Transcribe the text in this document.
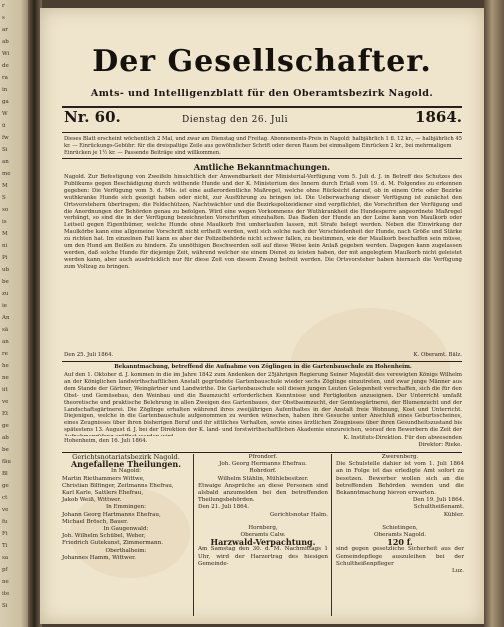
r
s
ar
ab
Wi
de
ra
in
ga
W
ü
fw
Si
an
me
M
S
so
is
M
ni
Pi
ub
be
zu
ie
An
sä
an
re
he
ne
iit
ve
Et
ge
ab
be
fäu
Bl
ge
ct
ve
fu
Fi
Ti
sa
pf
ne
ite
Si
Der Gesellschafter.
Amts- und Intelligenzblatt für den Oberamtsbezirk Nagold.
Nr. 60.	Dienstag den 26. Juli	1864.
Dieses Blatt erscheint wöchentlich 2 Mal, und zwar am Dienstag und Freitag. Abonnements-Preis in Nagold: halbjährlich 1 fl. 12 kr., — halbjährlich 45 kr. — Einrückungs-Gebühr: für die dreispaltige Zeile aus gewöhnlicher Schrift oder deren Raum bei einmaligem Einrücken 2 kr., bei mehrmaligem Einrücken je 1½ kr. — Passende Beiträge sind willkommen.
Amtliche Bekanntmachungen.
Nagold. Zur Befestigung von Zweifeln hinsichtlich der Anwendbarkeit der Ministerial-Verfügung vom 5. Juli d. J. in Betreff des Schutzes des Publikums gegen Beschädigung durch wüthende Hunde und der K. Ministerium des Innern durch Erlaß vom 19. d. M. Folgendes zu erkennen gegeben: Die Verfügung vom 5. d. Mts. ist eine außerordentliche Maßregel, welche ohne Rücksicht darauf, ob in einem Orte oder Bezirke wuthkranke Hunde sich gezeigt haben oder nicht, zur Ausführung zu bringen ist. Die Ueberwachung dieser Verfügung ist zunächst den Ortsvorstehern übertragen; die Feldschützen, Nachtwächter und die Bezirkspolizeidiener sind verpflichtet, die Vorschriften der Verfügung und die Anordnungen der Behörden genau zu befolgen. Wird eine wegen Vorkommens der Wuthkrankheit die Hundesperre angeordnete Maßregel verhängt, so sind die in der Verfügung bezeichneten Vorschriften einzuhalten. Das Baden der Hunde an der Leine kann von Maulkorb oder Leitseil gegen Eigenthümer, welche Hunde ohne Maulkorb frei umherlaufen lassen, mit Strafe belegt werden. Neben die Einwirkung der Maulkörbe kann eine allgemeine Vorschrift nicht ertheilt werden, weil sich solche nach der Verschiedenheit der Hunde, nach Größe und Stärke zu richten hat. Im einzelnen Fall kann es aber der Polizeibehörde nicht schwer fallen, zu bestimmen, wie der Maulkorb beschaffen sein müsse, um den Hund am Beißen zu hindern. Zu unnöthigen Beschwerden soll auf diese Weise kein Anlaß gegeben werden. Dagegen kann zugelassen werden, daß solche Hunde für diejenige Zeit, während welcher sie einem Dienst zu leisten haben, der mit angelegtem Maulkorb nicht geleistet werden kann, aber auch ausdrücklich nur für diese Zeit von diesem Zwang befreit werden. Die Ortsvorsteher haben hiernach die Verfügung zum Vollzug zu bringen.
Den 25. Juli 1864.	K. Oberamt. Bälz.
Bekanntmachung, betreffend die Aufnahme von Zöglingen in die Gartenbauschule zu Hohenheim.
Auf den 1. Oktober d. J. kommen in die im Jahre 1842 zum Andenken der 25jährigen Regierung Seiner Majestät des verewigten Königs Wilhelm an der Königlichen landwirthschaftlichen Anstalt gegründete Gartenbauschule wieder sechs Zöglinge einzutreten, und zwar junge Männer aus dem Stande der Gärtner, Weingärtner und Landwirthe. Die Gartenbauschule soll diesen jungen Leuten Gelegenheit verschaffen, sich die für den Obst- und Gemüsebau, den Weinbau und die Baumzucht erforderlichen Kenntnisse und Fertigkeiten anzueignen. Der Unterricht umfaßt theoretische und praktische Belehrung in allen Zweigen des Gartenbaues, der Obstbaumzucht, der Gemüsegärtnerei, der Blumenzucht und der Landschaftsgärtnerei. Die Zöglinge erhalten während ihres zweijährigen Aufenthaltes in der Anstalt freie Wohnung, Kost und Unterricht. Diejenigen, welche in die Gartenbauschule aufgenommen zu werden wünschen, haben ihre Gesuche unter Anschluß eines Geburtsscheines, eines Zeugnisses über ihren bisherigen Beruf und ihr sittliches Verhalten, sowie eines ärztlichen Zeugnisses über ihren Gesundheitszustand bis spätestens 13. August d. J. bei der Direktion der K. land- und forstwirthschaftlichen Akademie einzureichen, worauf den Bewerbern die Zeit der
Hohenheim, den 16. Juli 1864.	K. Instituts-Direktion. Für den abwesenden Direktor: Rieke.
Gerichtsnotariatsbezirk Nagold.
Angefallene Theilungen.
In Nagold:
Martin Riethammers Wittwe,
Christian Bilfinger, Zeitmanns Ehefrau,
Karl Karle, Sattlers Ehefrau,
Jakob Weiß, Wittwer.
In Emmingen:
Johann Georg Hartmanns Ehefrau,
Michael Brösch, Bauer.
In Gaugenwald:
Joh. Wilhelm Schübel, Weber,
Friedrich Gutekunst, Zimmermann.
Oberthalheim:
Johannes Hamm, Wittwer.
Pfrondorf.
Joh. Georg Hermanns Ehefrau.
Rohrdorf.
Wilhelm Stählin, Mühlebesitzer.
Etwaige Ansprüche an diese Personen sind alsbald anzumelden bei den betreffenden Theilungsbehörden.
Den 21. Juli 1864.
Gerichtsnotar Halm.
Hornberg,
Oberamts Calw.
Harzwald-Verpachtung.
Am Samstag den 30. d. M. Nachmittags 1 Uhr, wird der Harzertrag des hiesigen Gemeinde-
Zwerenberg.
Die Schulstelle dahier ist vom 1. Juli 1864 an in Folge ist das erledigte Amt sofort zu besetzen. Bewerber wollen sich an die betreffenden Behörden wenden und die Bekanntmachung hievon erwarten.
Den 19. Juli 1864.
Schultheißenamt.
Kübler.
Schietingen,
Oberamts Nagold.
120 f.
sind gegen gesetzliche Sicherheit aus der Gemeindepflege auszuleihen bei der Schultheißenpfleger
Luz.
